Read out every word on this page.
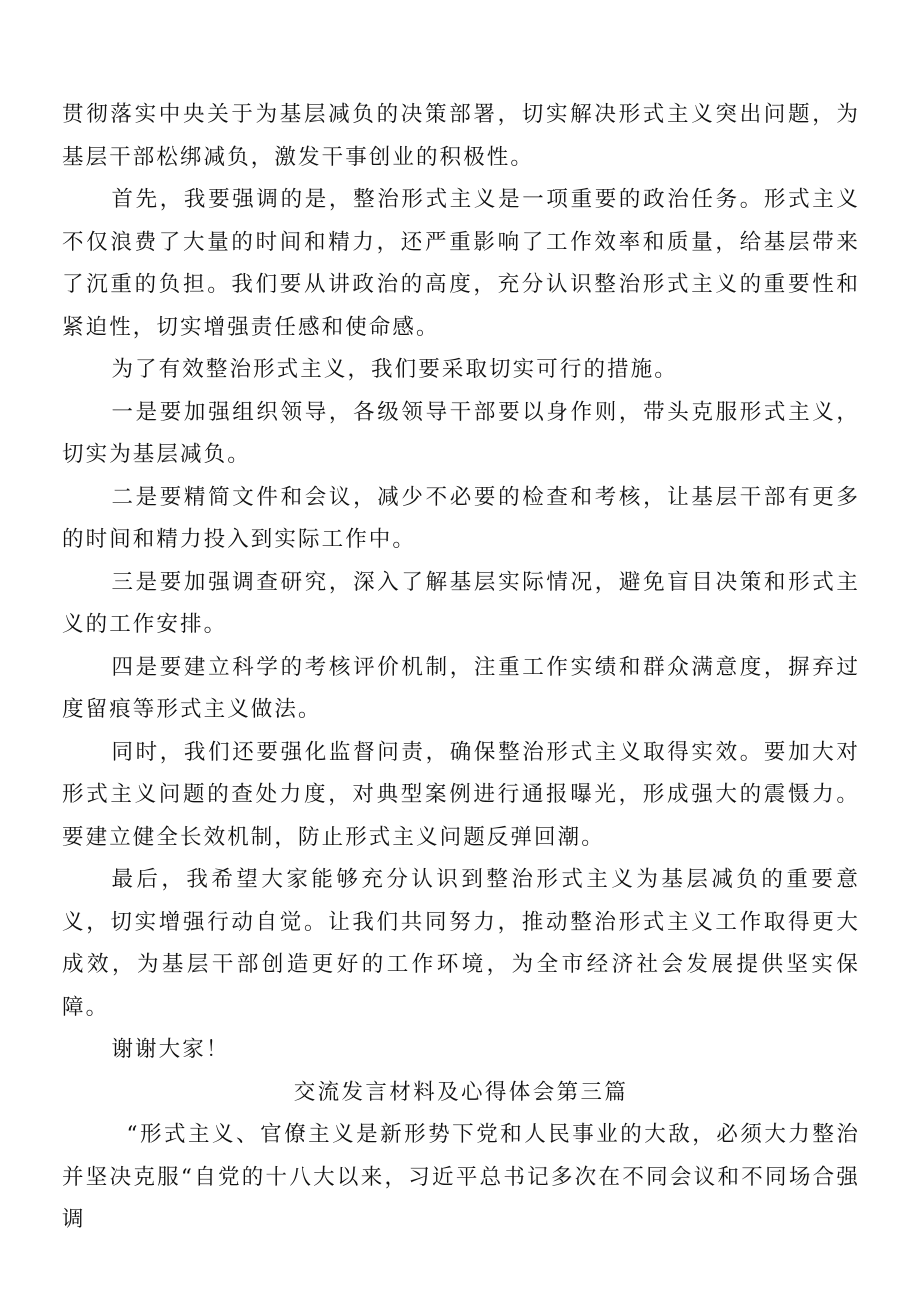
贯彻落实中央关于为基层减负的决策部署，切实解决形式主义突出问题，为基层干部松绑减负，激发干事创业的积极性。

首先，我要强调的是，整治形式主义是一项重要的政治任务。形式主义不仅浪费了大量的时间和精力，还严重影响了工作效率和质量，给基层带来了沉重的负担。我们要从讲政治的高度，充分认识整治形式主义的重要性和紧迫性，切实增强责任感和使命感。

为了有效整治形式主义，我们要采取切实可行的措施。

一是要加强组织领导，各级领导干部要以身作则，带头克服形式主义，切实为基层减负。

二是要精简文件和会议，减少不必要的检查和考核，让基层干部有更多的时间和精力投入到实际工作中。

三是要加强调查研究，深入了解基层实际情况，避免盲目决策和形式主义的工作安排。

四是要建立科学的考核评价机制，注重工作实绩和群众满意度，摒弃过度留痕等形式主义做法。

同时，我们还要强化监督问责，确保整治形式主义取得实效。要加大对形式主义问题的查处力度，对典型案例进行通报曝光，形成强大的震慑力。要建立健全长效机制，防止形式主义问题反弹回潮。

最后，我希望大家能够充分认识到整治形式主义为基层减负的重要意义，切实增强行动自觉。让我们共同努力，推动整治形式主义工作取得更大成效，为基层干部创造更好的工作环境，为全市经济社会发展提供坚实保障。

谢谢大家！

交流发言材料及心得体会第三篇

“形式主义、官僚主义是新形势下党和人民事业的大敌，必须大力整治并坚决克服“自党的十八大以来，习近平总书记多次在不同会议和不同场合强调
